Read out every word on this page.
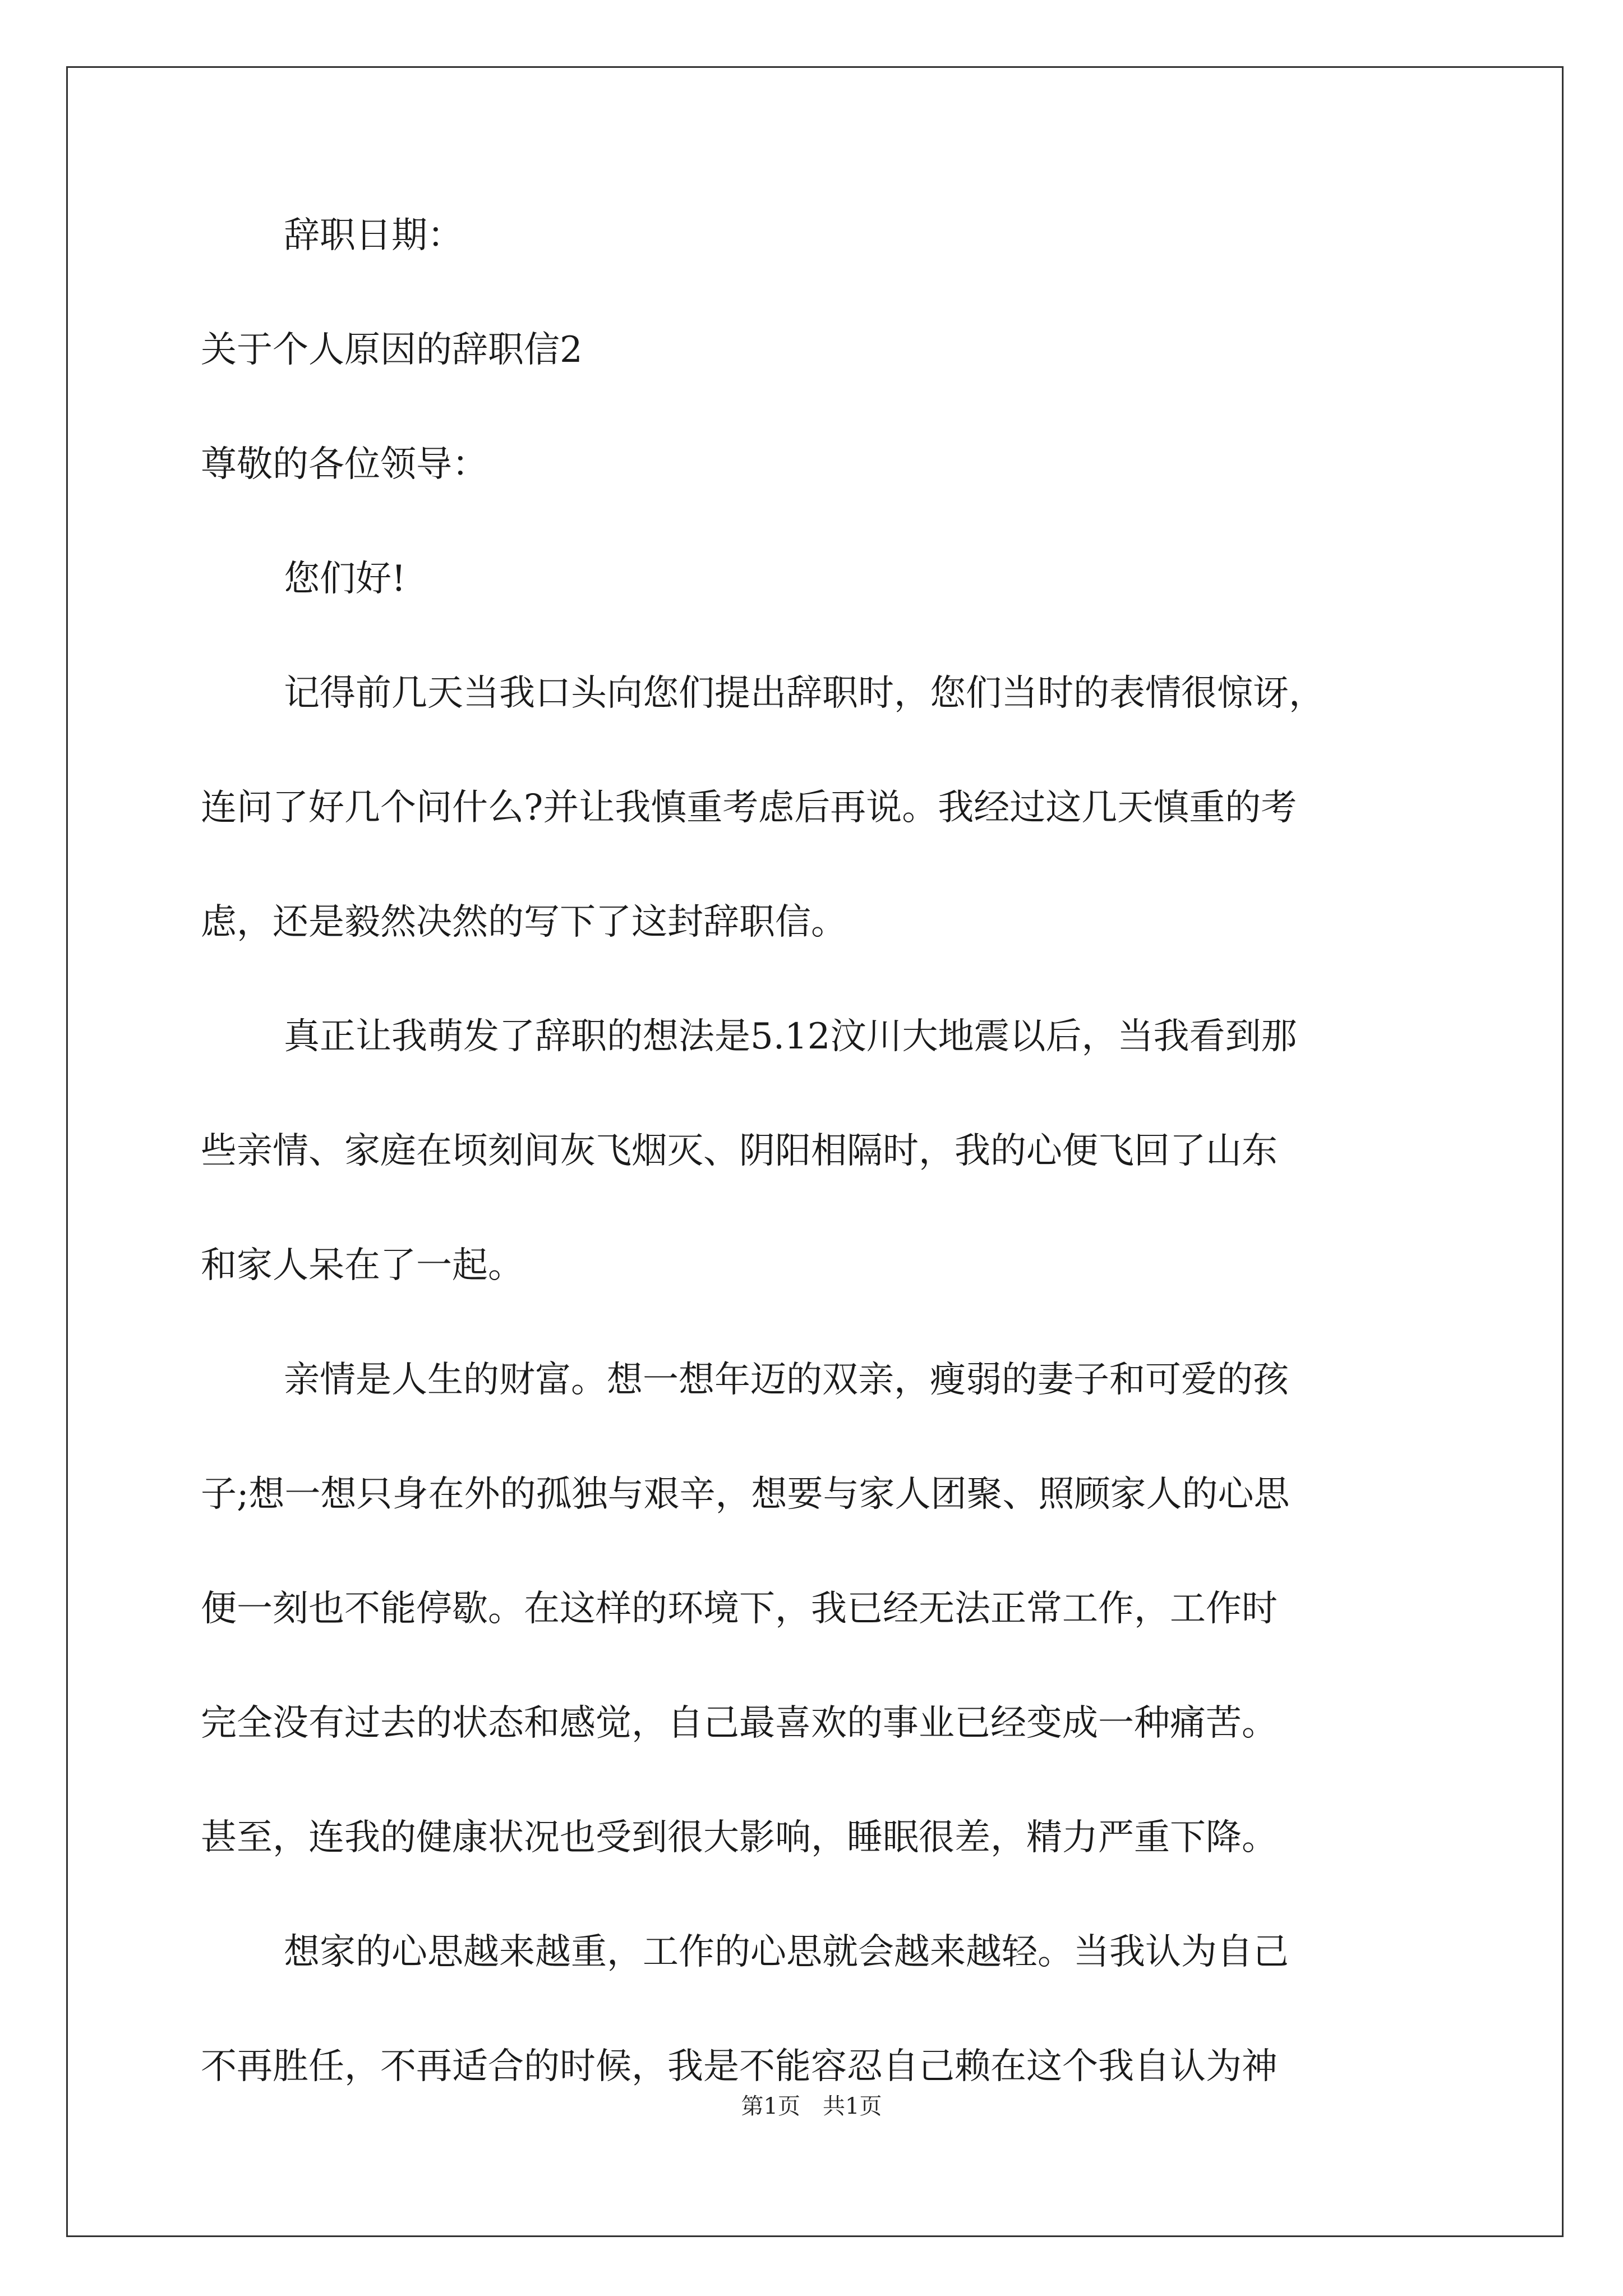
辞职日期：
关于个人原因的辞职信2
尊敬的各位领导：
您们好!
记得前几天当我口头向您们提出辞职时，您们当时的表情很惊讶，
连问了好几个问什么?并让我慎重考虑后再说。我经过这几天慎重的考
虑，还是毅然决然的写下了这封辞职信。
真正让我萌发了辞职的想法是5.12汶川大地震以后，当我看到那
些亲情、家庭在顷刻间灰飞烟灭、阴阳相隔时，我的心便飞回了山东
和家人呆在了一起。
亲情是人生的财富。想一想年迈的双亲，瘦弱的妻子和可爱的孩
子;想一想只身在外的孤独与艰辛，想要与家人团聚、照顾家人的心思
便一刻也不能停歇。在这样的环境下，我已经无法正常工作，工作时
完全没有过去的状态和感觉，自己最喜欢的事业已经变成一种痛苦。
甚至，连我的健康状况也受到很大影响，睡眠很差，精力严重下降。
想家的心思越来越重，工作的心思就会越来越轻。当我认为自己
不再胜任，不再适合的时候，我是不能容忍自己赖在这个我自认为神
第1页 共1页
